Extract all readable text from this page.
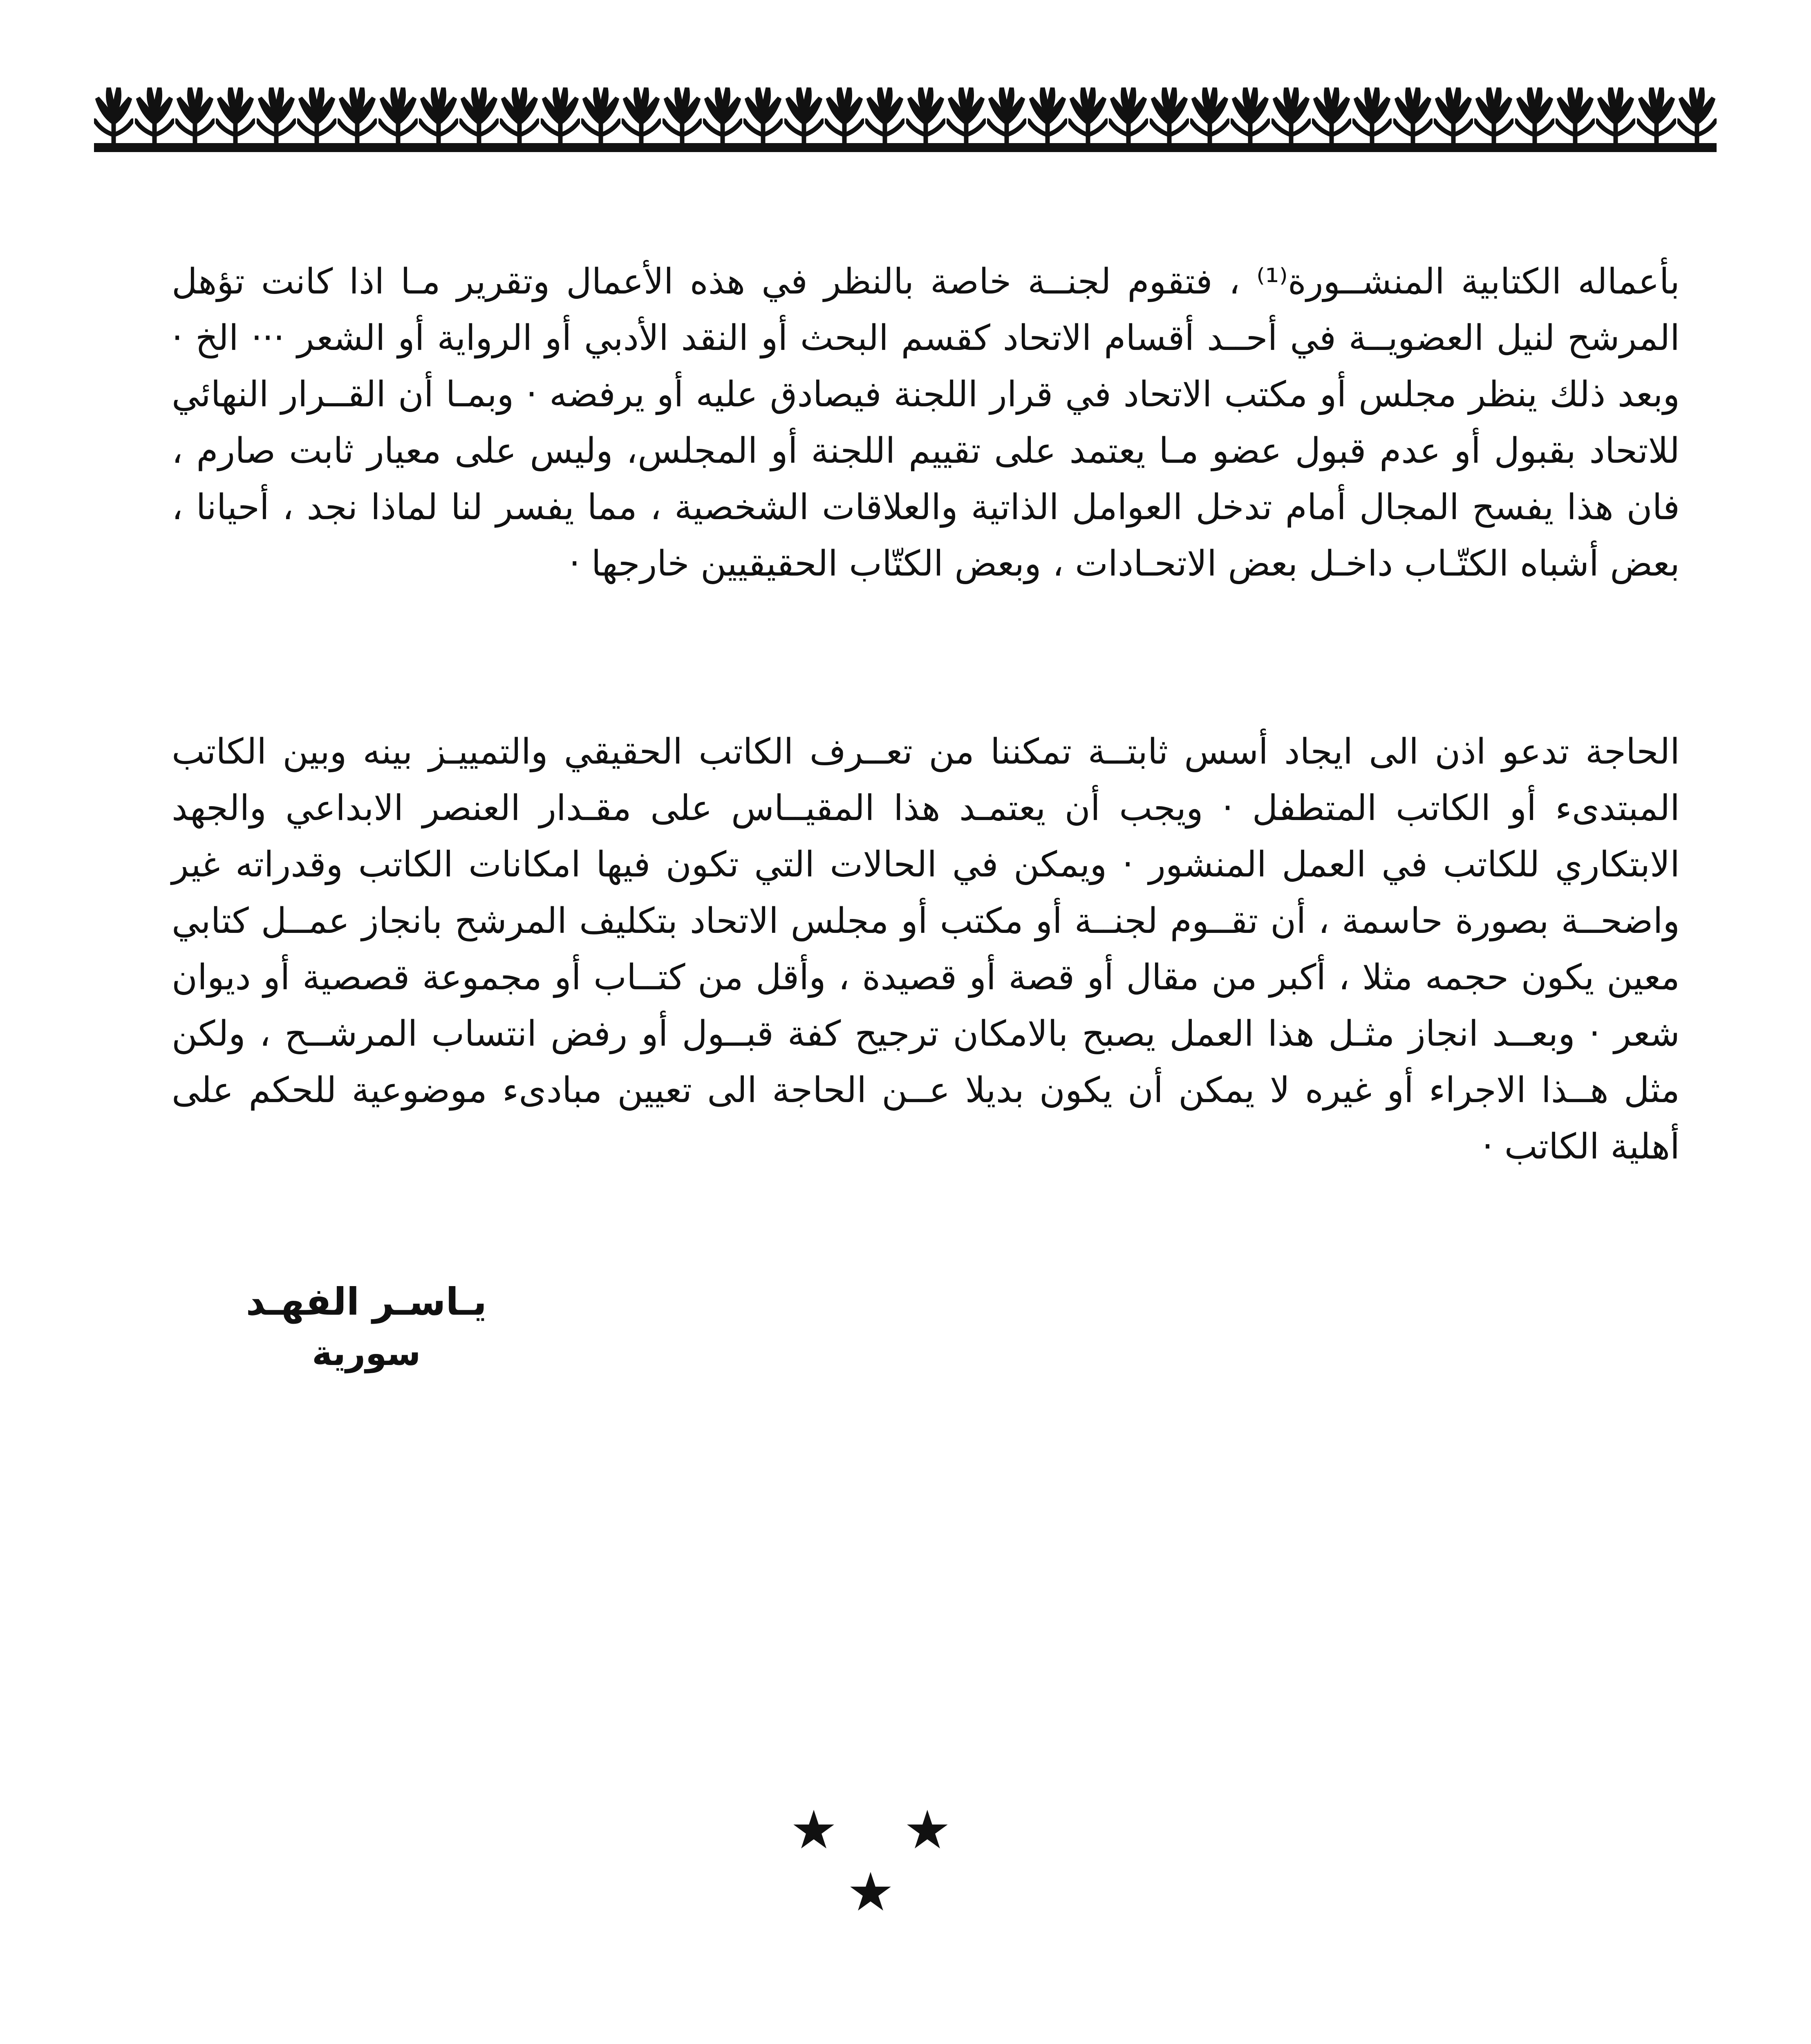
بأعماله الكتابية المنشــورة⁽¹⁾ ، فتقوم لجنــة خاصة بالنظر في هذه الأعمال وتقرير مـا اذا كانت تؤهل المرشح لنيل العضويــة في أحــد أقسام الاتحاد كقسم البحث أو النقد الأدبي أو الرواية أو الشعر ··· الخ · وبعد ذلك ينظر مجلس أو مكتب الاتحاد في قرار اللجنة فيصادق عليه أو يرفضه · وبمـا أن القــرار النهائي للاتحاد بقبول أو عدم قبول عضو مـا يعتمد على تقييم اللجنة أو المجلس، وليس على معيار ثابت صارم ، فان هذا يفسح المجال أمام تدخل العوامل الذاتية والعلاقات الشخصية ، مما يفسر لنا لماذا نجد ، أحيانا ، بعض أشباه الكتّـاب داخـل بعض الاتحـادات ، وبعض الكتّاب الحقيقيين خارجها ·

الحاجة تدعو اذن الى ايجاد أسس ثابتــة تمكننا من تعــرف الكاتب الحقيقي والتمييـز بينه وبين الكاتب المبتدىء أو الكاتب المتطفل · ويجب أن يعتمـد هذا المقيــاس على مقـدار العنصر الابداعي والجهد الابتكاري للكاتب في العمل المنشور · ويمكن في الحالات التي تكون فيها امكانات الكاتب وقدراته غير واضحــة بصورة حاسمة ، أن تقــوم لجنــة أو مكتب أو مجلس الاتحاد بتكليف المرشح بانجاز عمــل كتابي معين يكون حجمه مثلا ، أكبر من مقال أو قصة أو قصيدة ، وأقل من كتــاب أو مجموعة قصصية أو ديوان شعر · وبعــد انجاز مثـل هذا العمل يصبح بالامكان ترجيح كفة قبــول أو رفض انتساب المرشــح ، ولكن مثل هــذا الاجراء أو غيره لا يمكن أن يكون بديلا عــن الحاجة الى تعيين مبادىء موضوعية للحكم على أهلية الكاتب ·

يـاسـر الفهـد
سورية
★ ★ ★
